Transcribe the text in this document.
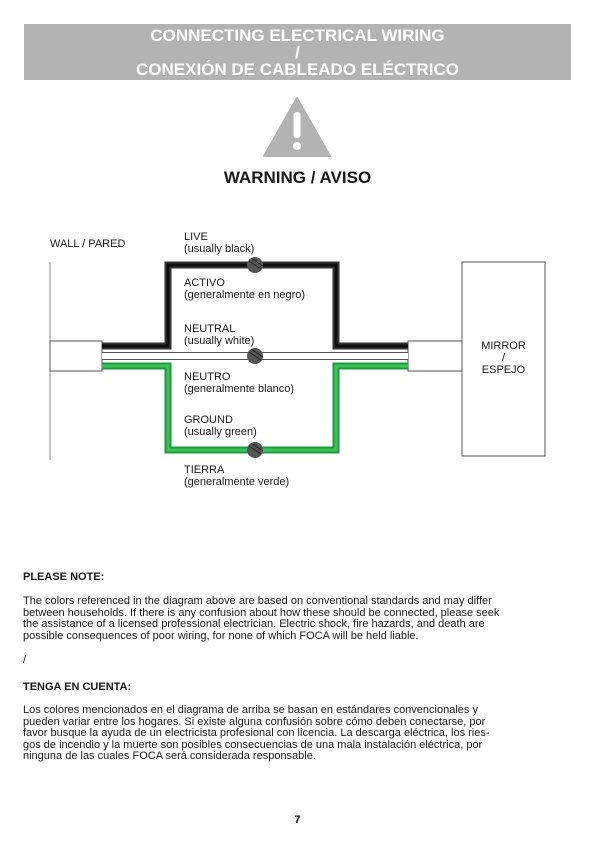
CONNECTING ELECTRICAL WIRING
/
CONEXIÓN DE CABLEADO ELÉCTRICO
WARNING / AVISO
WALL / PARED
LIVE
(usually black)
ACTIVO
(generalmente en negro)
NEUTRAL
(usually white)
NEUTRO
(generalmente blanco)
GROUND
(usually green)
TIERRA
(generalmente verde)
MIRROR
/
ESPEJO
PLEASE NOTE:
The colors referenced in the diagram above are based on conventional standards and may differ
between households. If there is any confusion about how these should be connected, please seek
the assistance of a licensed professional electrician. Electric shock, fire hazards, and death are
possible consequences of poor wiring, for none of which FOCA will be held liable.
/
TENGA EN CUENTA:
Los colores mencionados en el diagrama de arriba se basan en estándares convencionales y
pueden variar entre los hogares. Si existe alguna confusión sobre cómo deben conectarse, por
favor busque la ayuda de un electricista profesional con licencia. La descarga eléctrica, los ries-
gos de incendio y la muerte son posibles consecuencias de una mala instalación eléctrica, por
ninguna de las cuales FOCA será considerada responsable.
7
